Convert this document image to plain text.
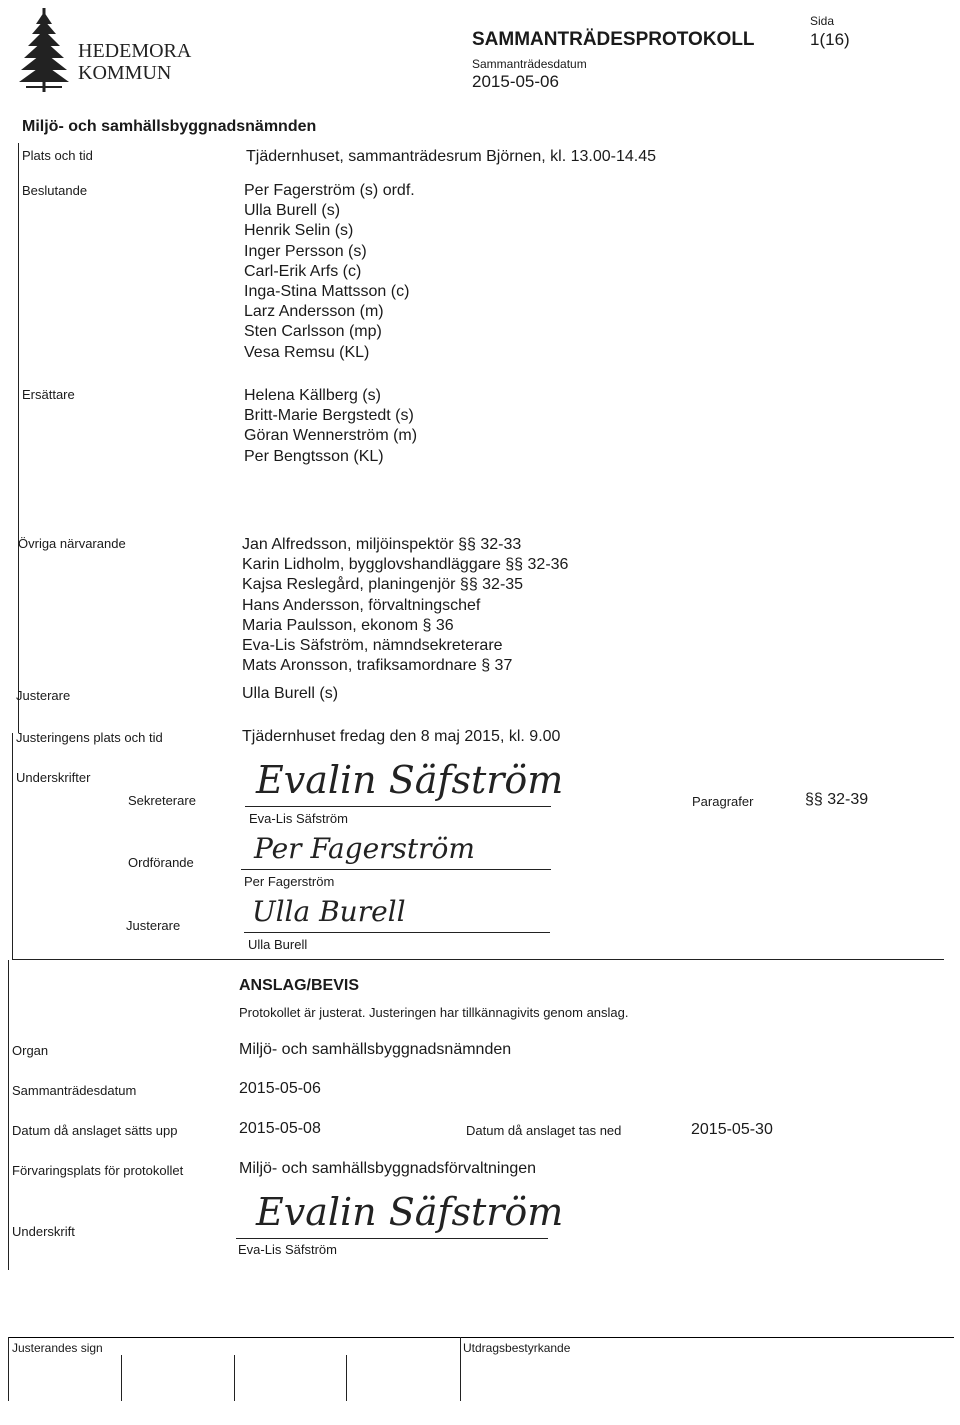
HEDEMORA
KOMMUN
SAMMANTRÄDESPROTOKOLL
Sammanträdesdatum
2015-05-06
Sida
1(16)
Miljö- och samhällsbyggnadsnämnden
Plats och tid	Tjädernhuset, sammanträdesrum Björnen, kl. 13.00-14.45
Beslutande	Per Fagerström (s) ordf.
Ulla Burell (s)
Henrik Selin (s)
Inger Persson (s)
Carl-Erik Arfs (c)
Inga-Stina Mattsson (c)
Larz Andersson (m)
Sten Carlsson (mp)
Vesa Remsu (KL)
Ersättare	Helena Källberg (s)
Britt-Marie Bergstedt (s)
Göran Wennerström (m)
Per Bengtsson (KL)
Övriga närvarande	Jan Alfredsson, miljöinspektör §§ 32-33
Karin Lidholm, bygglovshandläggare §§ 32-36
Kajsa Reslegård, planingenjör §§ 32-35
Hans Andersson, förvaltningschef
Maria Paulsson, ekonom § 36
Eva-Lis Säfström, nämndsekreterare
Mats Aronsson, trafiksamordnare § 37
Justerare	Ulla Burell (s)
Justeringens plats och tid	Tjädernhuset fredag den 8 maj 2015, kl. 9.00
Underskrifter
Sekreterare Evalin Säfström
Eva-Lis Säfström
Paragrafer	§§ 32-39
Ordförande Per Fagerström
Per Fagerström
Justerare	Ulla Burell
Ulla Burell
ANSLAG/BEVIS
Protokollet är justerat. Justeringen har tillkännagivits genom anslag.
Organ	Miljö- och samhällsbyggnadsnämnden
Sammanträdesdatum	2015-05-06
Datum då anslaget sätts upp	2015-05-08	Datum då anslaget tas ned	2015-05-30
Förvaringsplats för protokollet	Miljö- och samhällsbyggnadsförvaltningen
Underskrift	Evalin Säfström
Eva-Lis Säfström
Justerandes sign	Utdragsbestyrkande
